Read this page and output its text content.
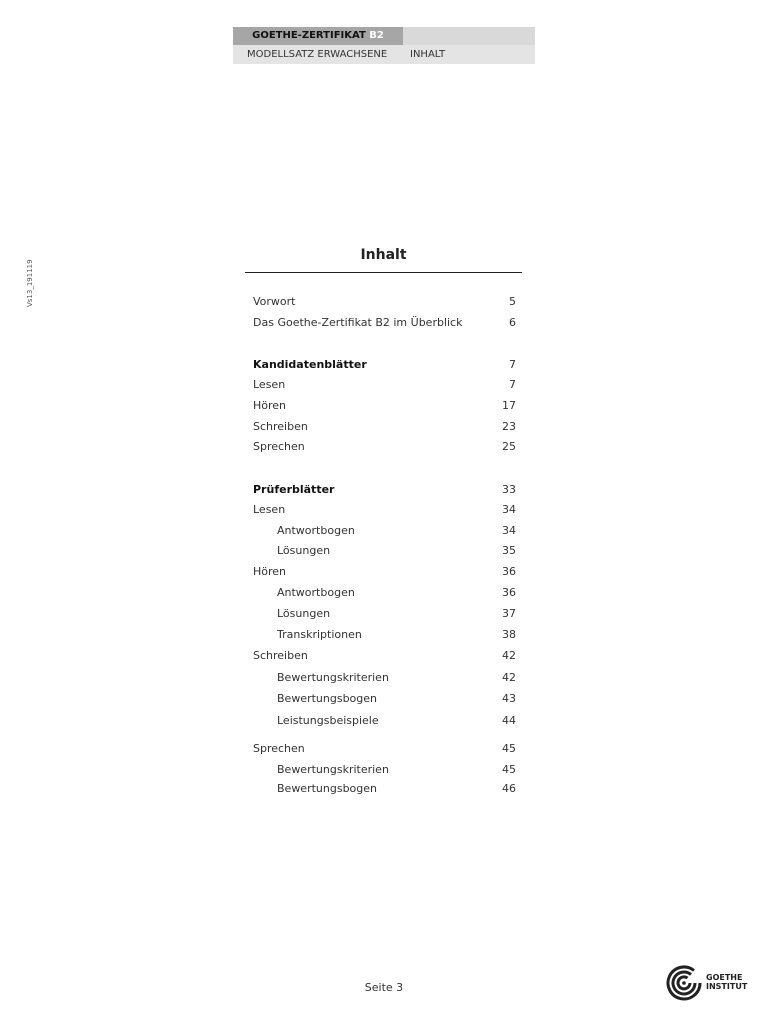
GOETHE-ZERTIFIKAT B2
MODELLSATZ ERWACHSENE INHALT
Vs13_191119
Inhalt
Vorwort	5
Das Goethe-Zertifikat B2 im Überblick	6
Kandidatenblätter	7
Lesen	7
Hören	17
Schreiben	23
Sprechen	25
Prüferblätter	33
Lesen	34
Antwortbogen	34
Lösungen	35
Hören	36
Antwortbogen	36
Lösungen	37
Transkriptionen	38
Schreiben	42
Bewertungskriterien	42
Bewertungsbogen	43
Leistungsbeispiele	44
Sprechen	45
Bewertungskriterien	45
Bewertungsbogen	46
Seite 3
GOETHE
INSTITUT
